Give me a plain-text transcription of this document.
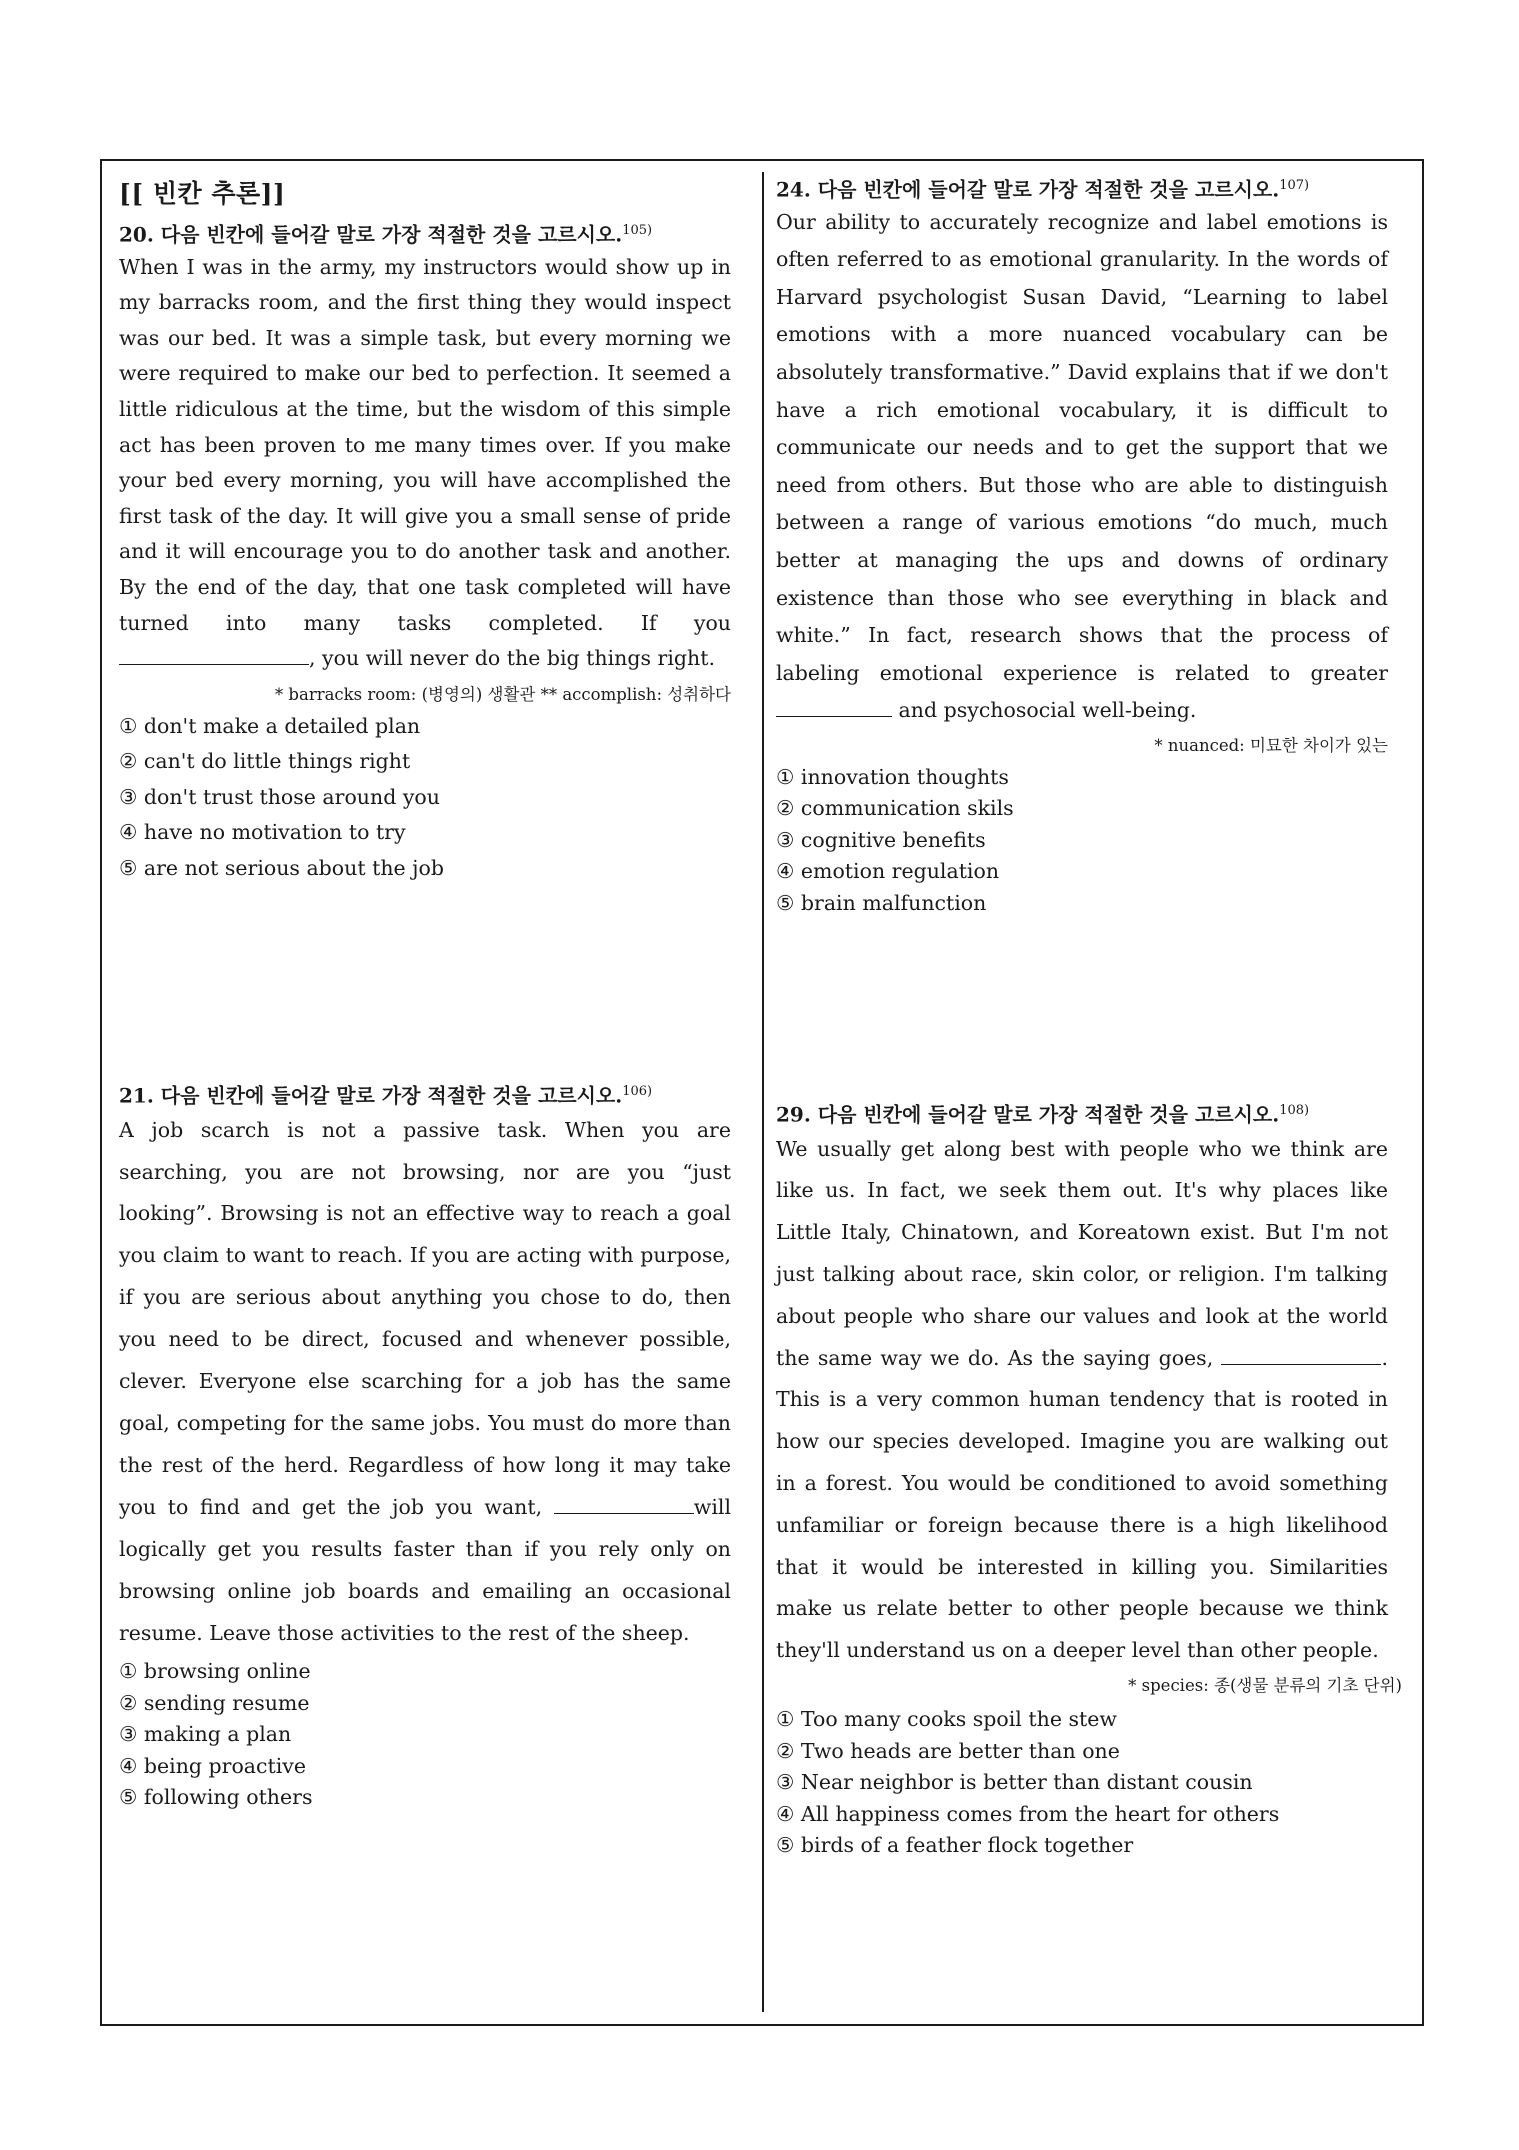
[[ 빈칸 추론]]
20. 다음 빈칸에 들어갈 말로 가장 적절한 것을 고르시오.$^{105)}$
When I was in the army, my instructors would show up in my barracks room, and the first thing they would inspect was our bed. It was a simple task, but every morning we were required to make our bed to perfection. It seemed a little ridiculous at the time, but the wisdom of this simple act has been proven to me many times over. If you make your bed every morning, you will have accomplished the first task of the day. It will give you a small sense of pride and it will encourage you to do another task and another. By the end of the day, that one task completed will have turned into many tasks completed. If you , you will never do the big things right.
* barracks room: (병영의) 생활관 ** accomplish: 성취하다
① don't make a detailed plan
② can't do little things right
③ don't trust those around you
④ have no motivation to try
⑤ are not serious about the job
24. 다음 빈칸에 들어갈 말로 가장 적절한 것을 고르시오.$^{107)}$
Our ability to accurately recognize and label emotions is often referred to as emotional granularity. In the words of Harvard psychologist Susan David, “Learning to label emotions with a more nuanced vocabulary can be absolutely transformative.” David explains that if we don't have a rich emotional vocabulary, it is difficult to communicate our needs and to get the support that we need from others. But those who are able to distinguish between a range of various emotions “do much, much better at managing the ups and downs of ordinary existence than those who see everything in black and white.” In fact, research shows that the process of labeling emotional experience is related to greater  and psychosocial well-being.
* nuanced: 미묘한 차이가 있는
① innovation thoughts
② communication skils
③ cognitive benefits
④ emotion regulation
⑤ brain malfunction
21. 다음 빈칸에 들어갈 말로 가장 적절한 것을 고르시오.$^{106)}$
A job scarch is not a passive task. When you are searching, you are not browsing, nor are you “just looking”. Browsing is not an effective way to reach a goal you claim to want to reach. If you are acting with purpose, if you are serious about anything you chose to do, then you need to be direct, focused and whenever possible, clever. Everyone else scarching for a job has the same goal, competing for the same jobs. You must do more than the rest of the herd. Regardless of how long it may take you to find and get the job you want,	will logically get you results faster than if you rely only on browsing online job boards and emailing an occasional resume. Leave those activities to the rest of the sheep.
① browsing online
② sending resume
③ making a plan
④ being proactive
⑤ following others
29. 다음 빈칸에 들어갈 말로 가장 적절한 것을 고르시오.$^{108)}$
We usually get along best with people who we think are like us. In fact, we seek them out. It's why places like Little Italy, Chinatown, and Koreatown exist. But I'm not just talking about race, skin color, or religion. I'm talking about people who share our values and look at the world the same way we do. As the saying goes,	. This is a very common human tendency that is rooted in how our species developed. Imagine you are walking out in a forest. You would be conditioned to avoid something unfamiliar or foreign because there is a high likelihood that it would be interested in killing you. Similarities make us relate better to other people because we think they'll understand us on a deeper level than other people.
* species: 종(생물 분류의 기초 단위)
① Too many cooks spoil the stew
② Two heads are better than one
③ Near neighbor is better than distant cousin
④ All happiness comes from the heart for others
⑤ birds of a feather flock together
